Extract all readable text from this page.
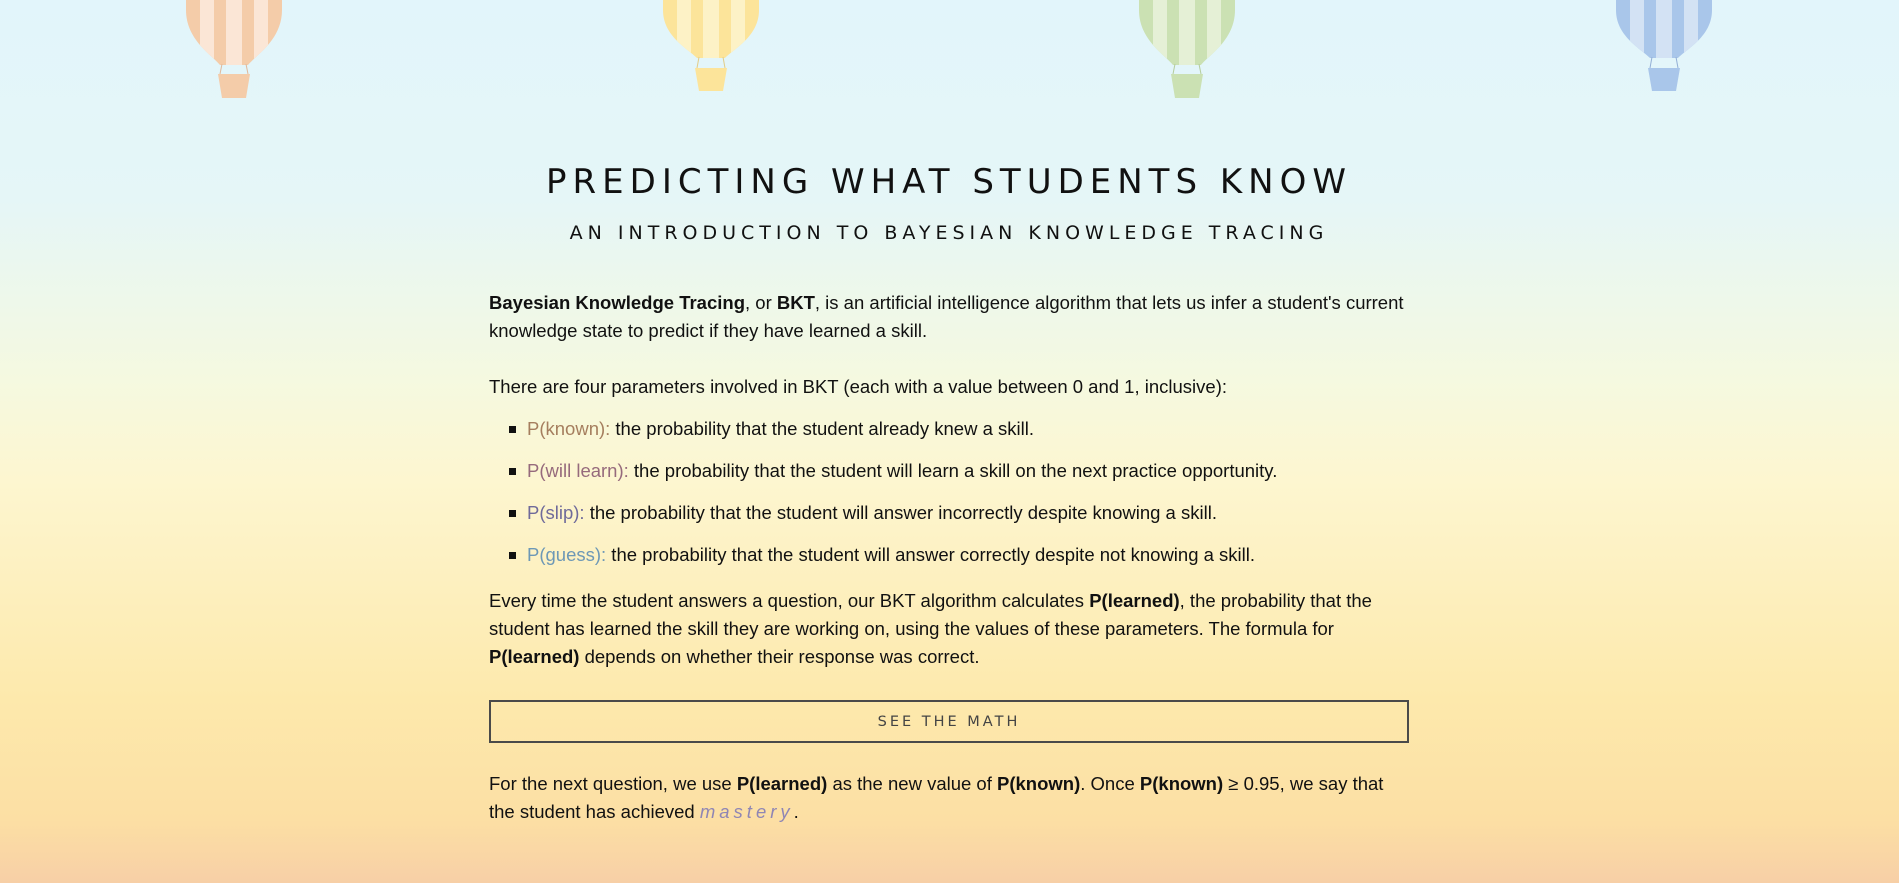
PREDICTING WHAT STUDENTS KNOW
AN INTRODUCTION TO BAYESIAN KNOWLEDGE TRACING

Bayesian Knowledge Tracing, or BKT, is an artificial intelligence algorithm that lets us infer a student's current knowledge state to predict if they have learned a skill.

There are four parameters involved in BKT (each with a value between 0 and 1, inclusive):

P(known): the probability that the student already knew a skill.
P(will learn): the probability that the student will learn a skill on the next practice opportunity.
P(slip): the probability that the student will answer incorrectly despite knowing a skill.
P(guess): the probability that the student will answer correctly despite not knowing a skill.

Every time the student answers a question, our BKT algorithm calculates P(learned), the probability that the student has learned the skill they are working on, using the values of these parameters. The formula for P(learned) depends on whether their response was correct.

SEE THE MATH

For the next question, we use P(learned) as the new value of P(known). Once P(known) ≥ 0.95, we say that the student has achieved mastery.
